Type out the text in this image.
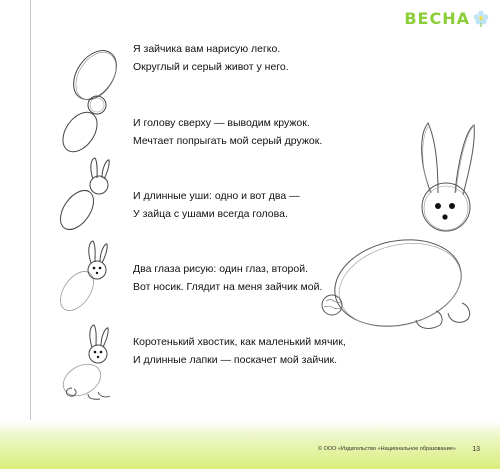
ВЕСНА
Я зайчика вам нарисую легко.
Округлый и серый живот у него.
И голову сверху — выводим кружок.
Мечтает попрыгать мой серый дружок.
И длинные уши: одно и вот два —
У зайца с ушами всегда голова.
Два глаза рисую: один глаз, второй.
Вот носик. Глядит на меня зайчик мой.
Коротенький хвостик, как маленький мячик,
И длинные лапки — поскачет мой зайчик.
© ООО «Издательство «Национальное образование» 13
